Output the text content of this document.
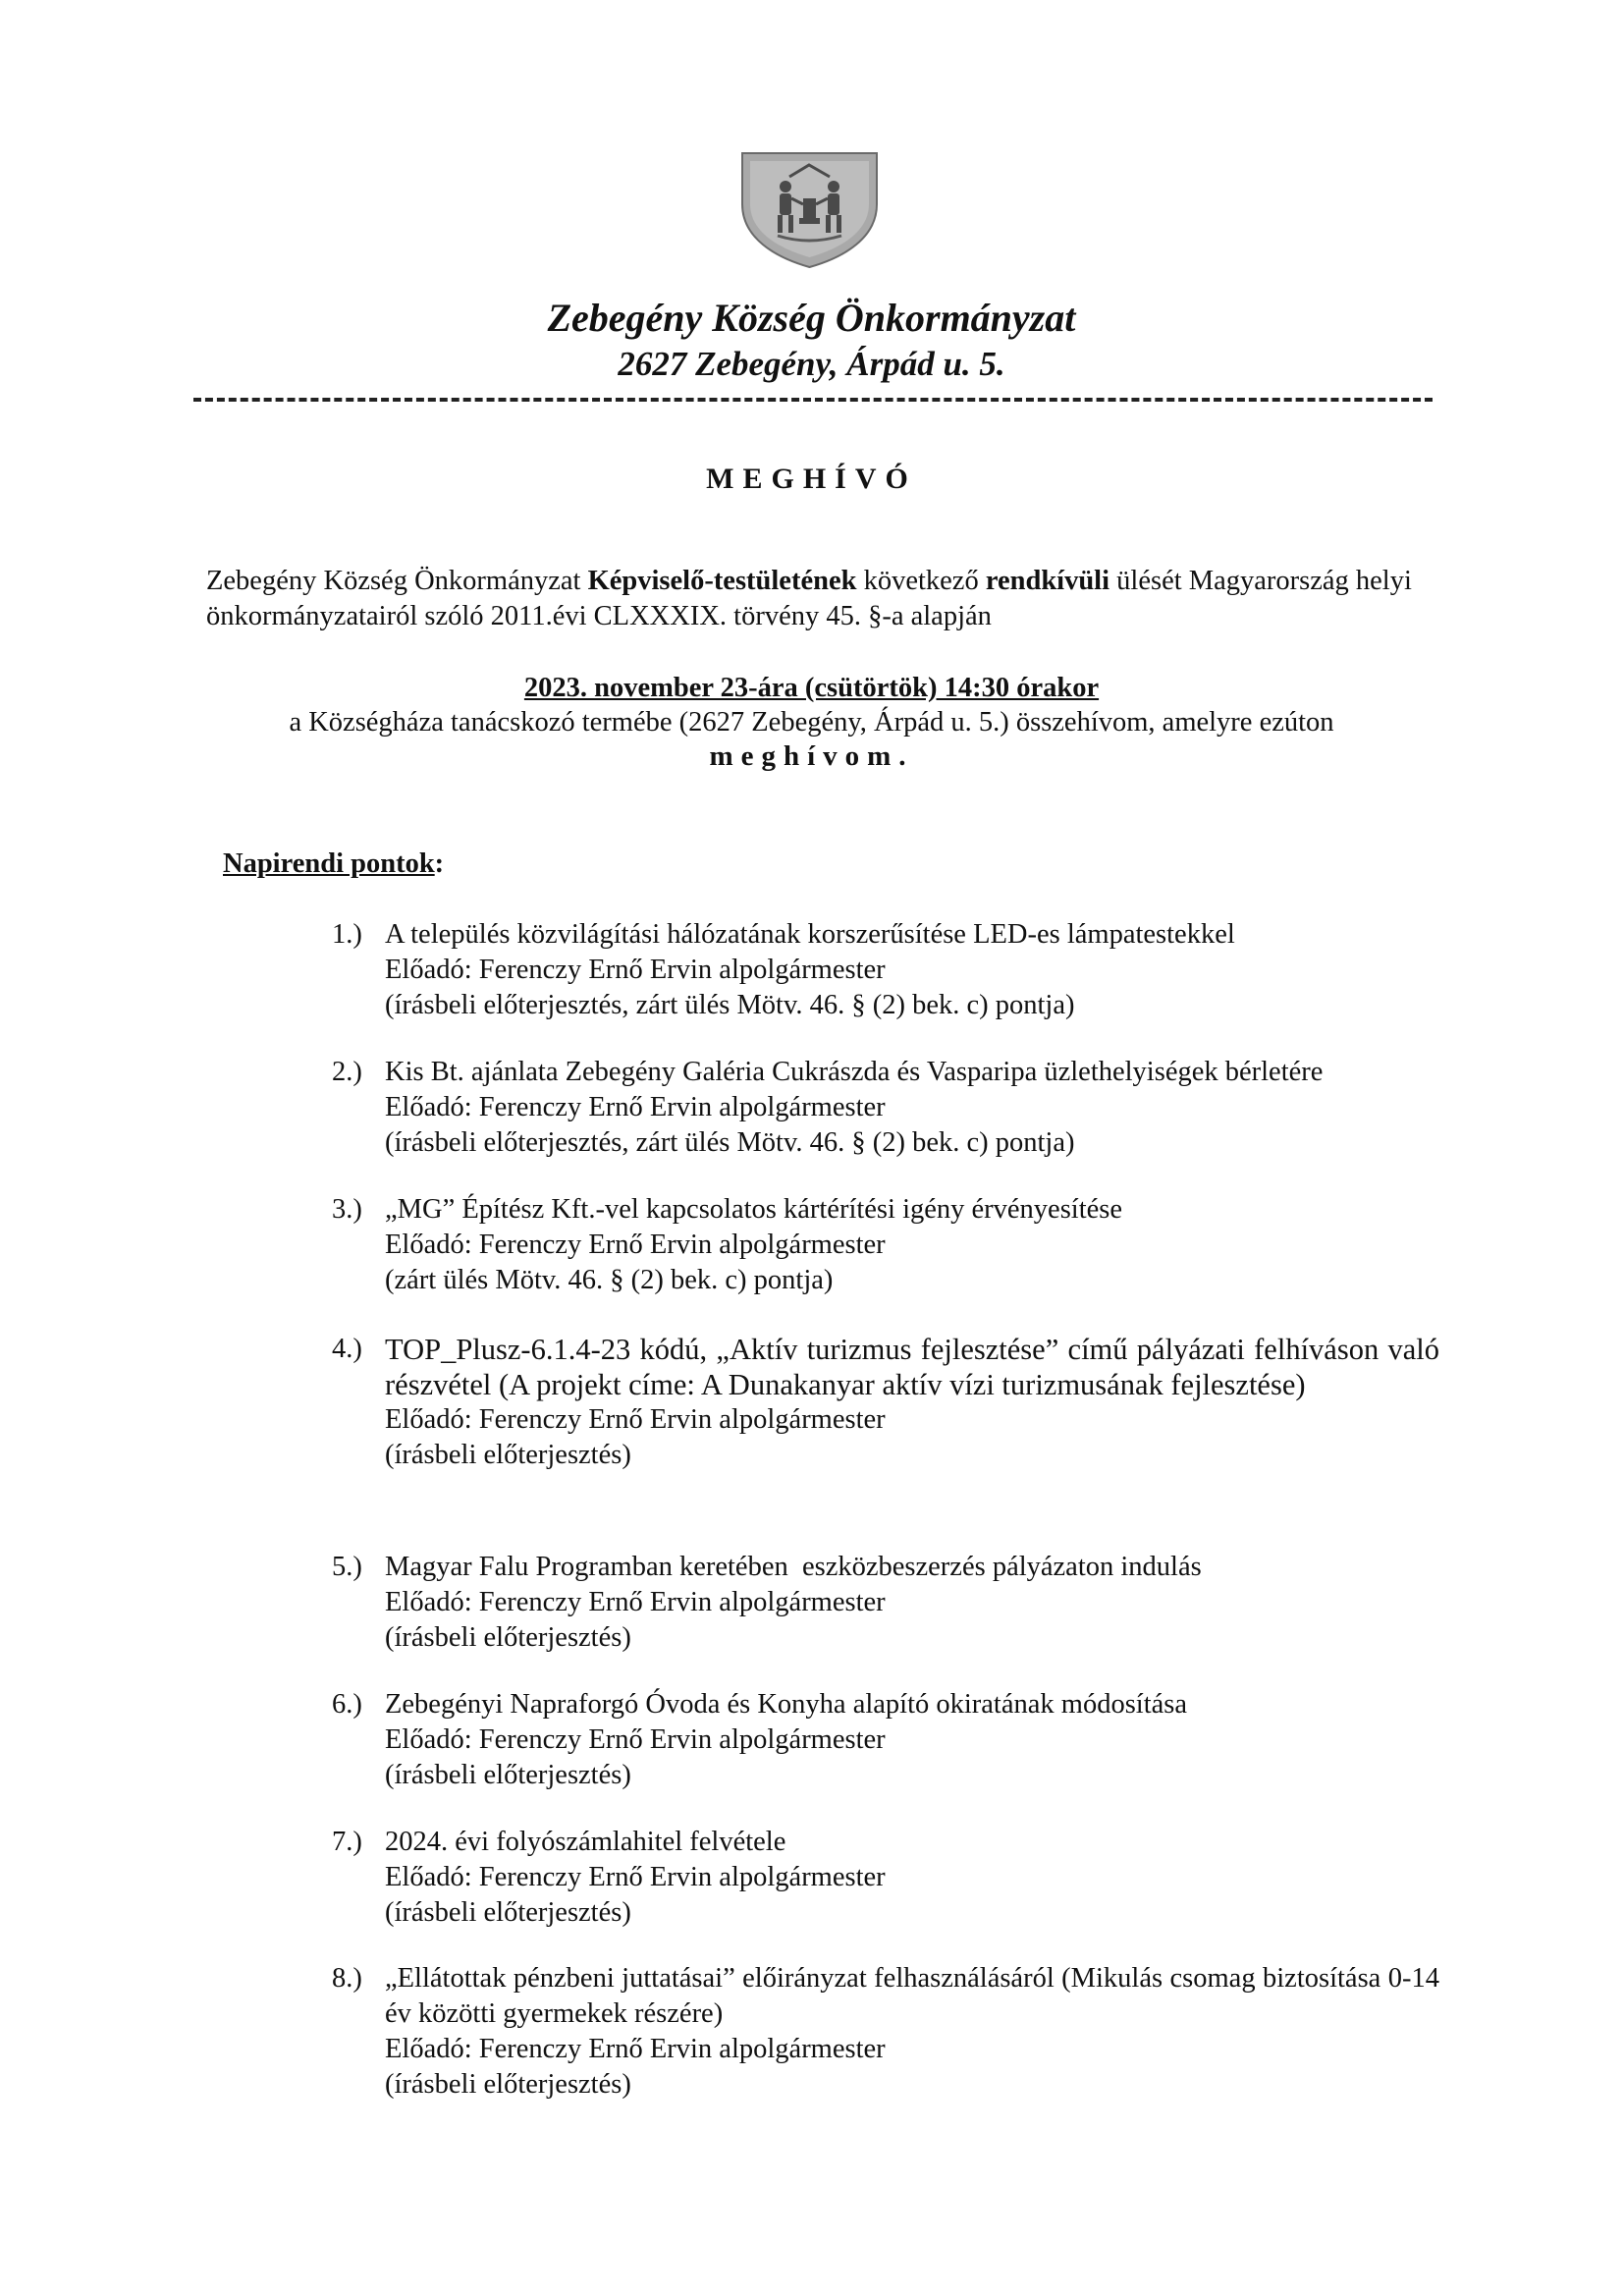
Zebegény Község Önkormányzat
2627 Zebegény, Árpád u. 5.
MEGHÍVÓ
Zebegény Község Önkormányzat Képviselő-testületének következő rendkívüli ülését Magyarország helyi önkormányzatairól szóló 2011.évi CLXXXIX. törvény 45. §-a alapján
2023. november 23-ára (csütörtök) 14:30 órakor
a Községháza tanácskozó termébe (2627 Zebegény, Árpád u. 5.) összehívom, amelyre ezúton
meghívom.
Napirendi pontok:
1.) A település közvilágítási hálózatának korszerűsítése LED-es lámpatestekkel
Előadó: Ferenczy Ernő Ervin alpolgármester
(írásbeli előterjesztés, zárt ülés Mötv. 46. § (2) bek. c) pontja)
2.) Kis Bt. ajánlata Zebegény Galéria Cukrászda és Vasparipa üzlethelyiségek bérletére
Előadó: Ferenczy Ernő Ervin alpolgármester
(írásbeli előterjesztés, zárt ülés Mötv. 46. § (2) bek. c) pontja)
3.) „MG” Építész Kft.-vel kapcsolatos kártérítési igény érvényesítése
Előadó: Ferenczy Ernő Ervin alpolgármester
(zárt ülés Mötv. 46. § (2) bek. c) pontja)
4.) TOP_Plusz-6.1.4-23 kódú, „Aktív turizmus fejlesztése” című pályázati felhíváson való részvétel (A projekt címe: A Dunakanyar aktív vízi turizmusának fejlesztése)
Előadó: Ferenczy Ernő Ervin alpolgármester
(írásbeli előterjesztés)
5.) Magyar Falu Programban keretében  eszközbeszerzés pályázaton indulás
Előadó: Ferenczy Ernő Ervin alpolgármester
(írásbeli előterjesztés)
6.) Zebegényi Napraforgó Óvoda és Konyha alapító okiratának módosítása
Előadó: Ferenczy Ernő Ervin alpolgármester
(írásbeli előterjesztés)
7.) 2024. évi folyószámlahitel felvétele
Előadó: Ferenczy Ernő Ervin alpolgármester
(írásbeli előterjesztés)
8.) „Ellátottak pénzbeni juttatásai” előirányzat felhasználásáról (Mikulás csomag biztosítása 0-14 év közötti gyermekek részére)
Előadó: Ferenczy Ernő Ervin alpolgármester
(írásbeli előterjesztés)
